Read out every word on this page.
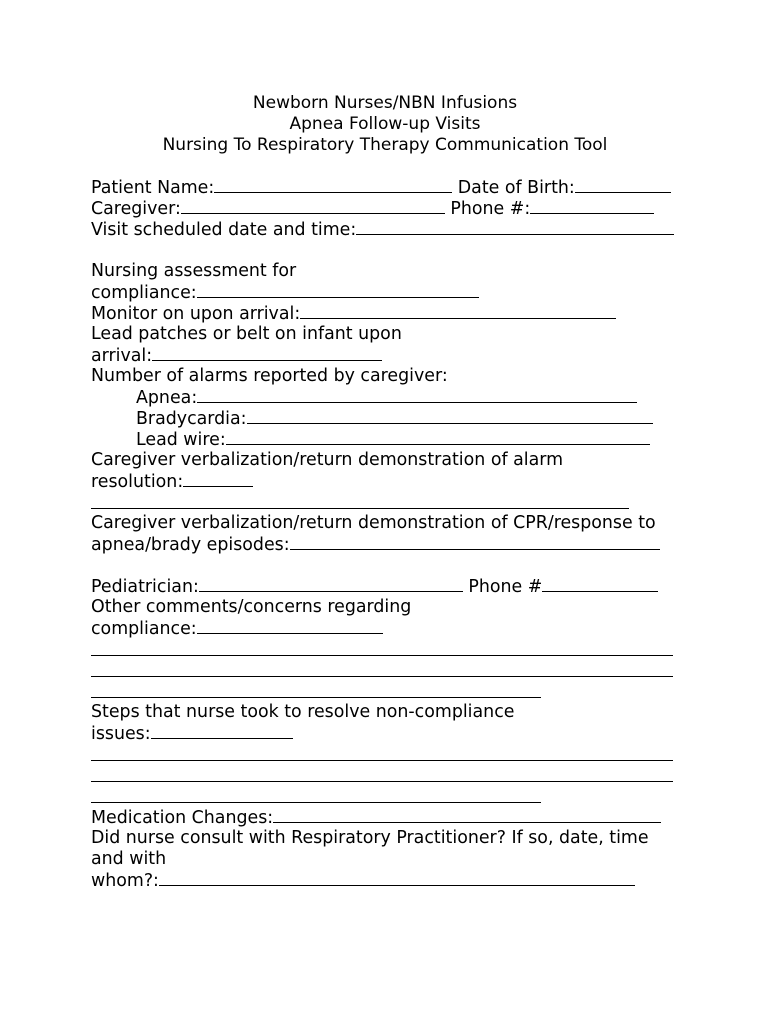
Newborn Nurses/NBN Infusions
Apnea Follow-up Visits
Nursing To Respiratory Therapy Communication Tool
Patient Name:	Date of Birth:
Caregiver:	Phone #:
Visit scheduled date and time:
Nursing assessment for
compliance:
Monitor on upon arrival:
Lead patches or belt on infant upon
arrival:
Number of alarms reported by caregiver:
Apnea:
Bradycardia:
Lead wire:
Caregiver verbalization/return demonstration of alarm
resolution:
Caregiver verbalization/return demonstration of CPR/response to
apnea/brady episodes:
Pediatrician:	Phone #
Other comments/concerns regarding
compliance:
Steps that nurse took to resolve non-compliance
issues:
Medication Changes:
Did nurse consult with Respiratory Practitioner? If so, date, time
and with
whom?:
